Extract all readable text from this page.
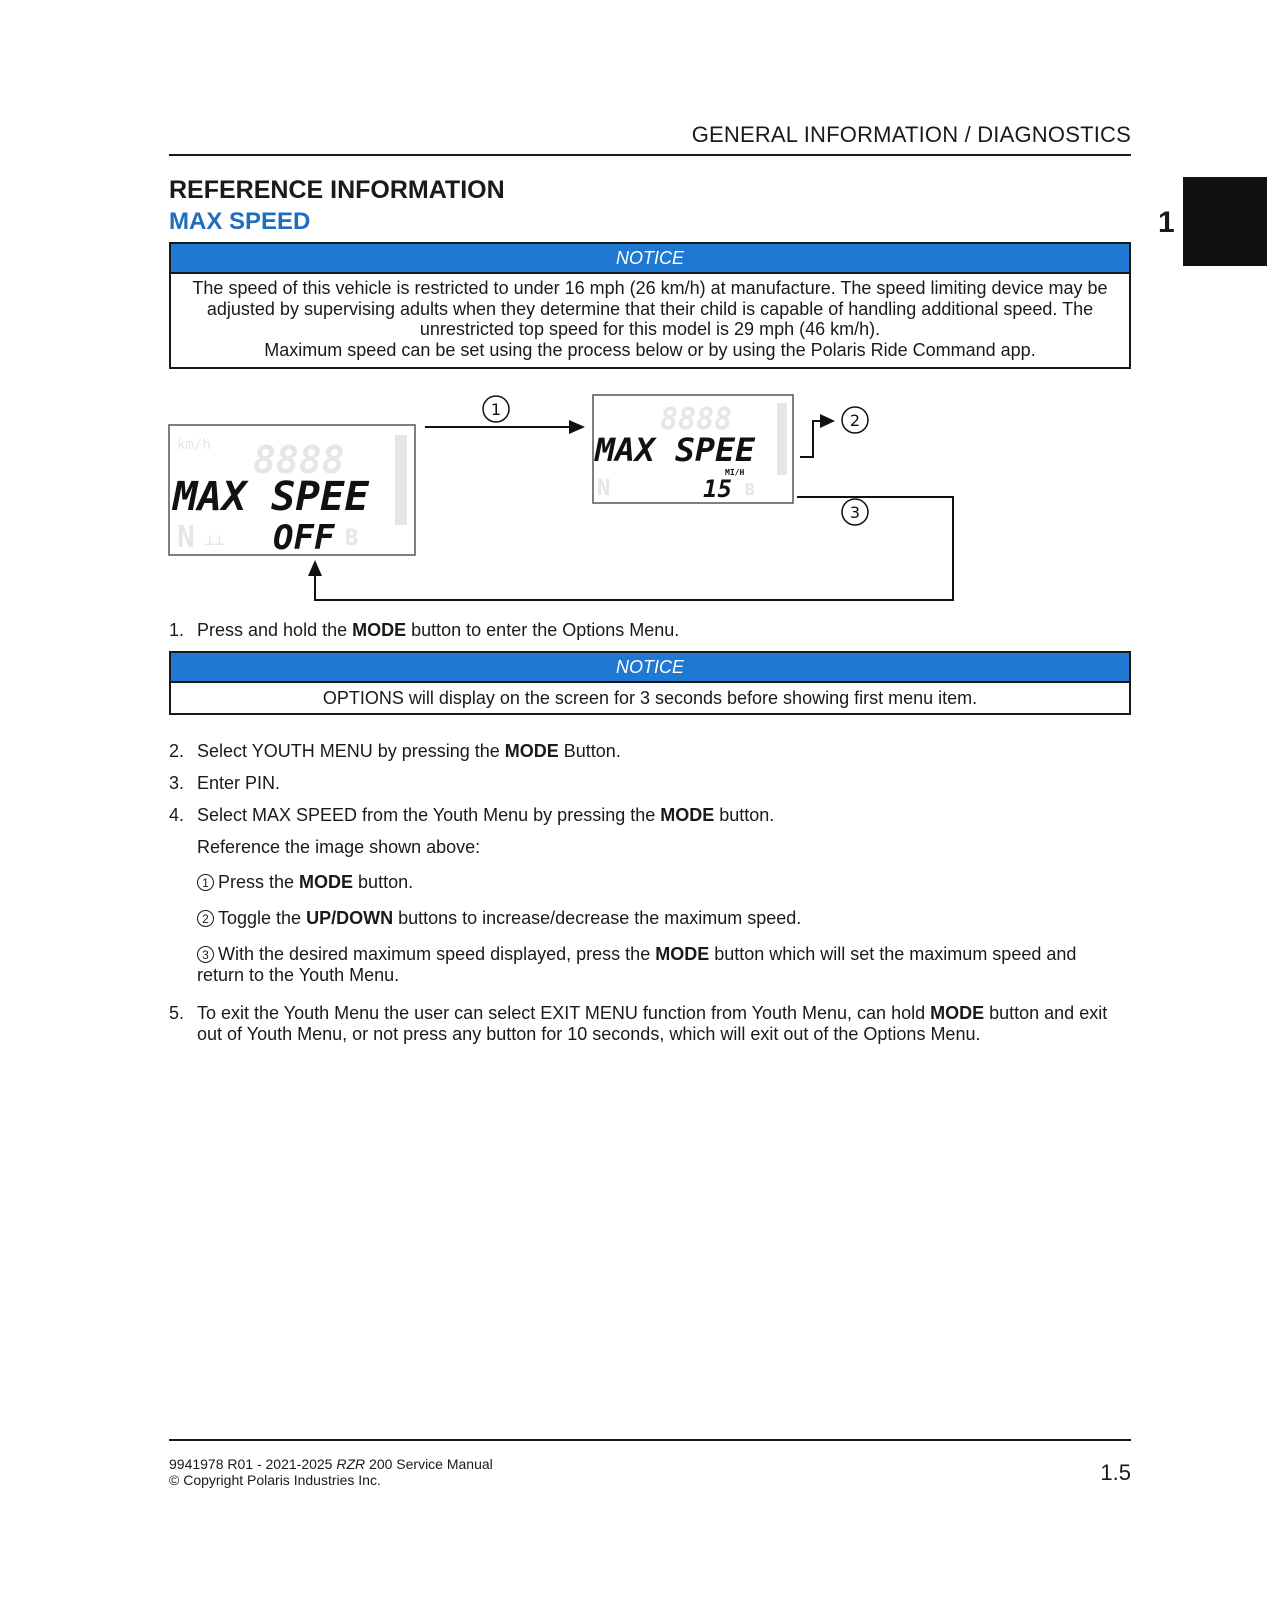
GENERAL INFORMATION / DIAGNOSTICS
1
REFERENCE INFORMATION
MAX SPEED
NOTICE
The speed of this vehicle is restricted to under 16 mph (26 km/h) at manufacture. The speed limiting device may be
adjusted by supervising adults when they determine that their child is capable of handling additional speed. The
unrestricted top speed for this model is 29 mph (46 km/h).
Maximum speed can be set using the process below or by using the Polaris Ride Command app.
8888
km/h
N ⊥⟂	B
MAX SPEE
OFF
8888
N	B
MAX SPEE
MI/H
15
1
2
3
1. Press and hold the MODE button to enter the Options Menu.
NOTICE
OPTIONS will display on the screen for 3 seconds before showing first menu item.
2. Select YOUTH MENU by pressing the MODE Button.
3. Enter PIN.
4. Select MAX SPEED from the Youth Menu by pressing the MODE button.
Reference the image shown above:
1 Press the MODE button.
2 Toggle the UP/DOWN buttons to increase/decrease the maximum speed.
3 With the desired maximum speed displayed, press the MODE button which will set the maximum speed and
return to the Youth Menu.
5. To exit the Youth Menu the user can select EXIT MENU function from Youth Menu, can hold MODE button and exit
out of Youth Menu, or not press any button for 10 seconds, which will exit out of the Options Menu.
9941978 R01 - 2021-2025 RZR 200 Service Manual
© Copyright Polaris Industries Inc.	1.5
